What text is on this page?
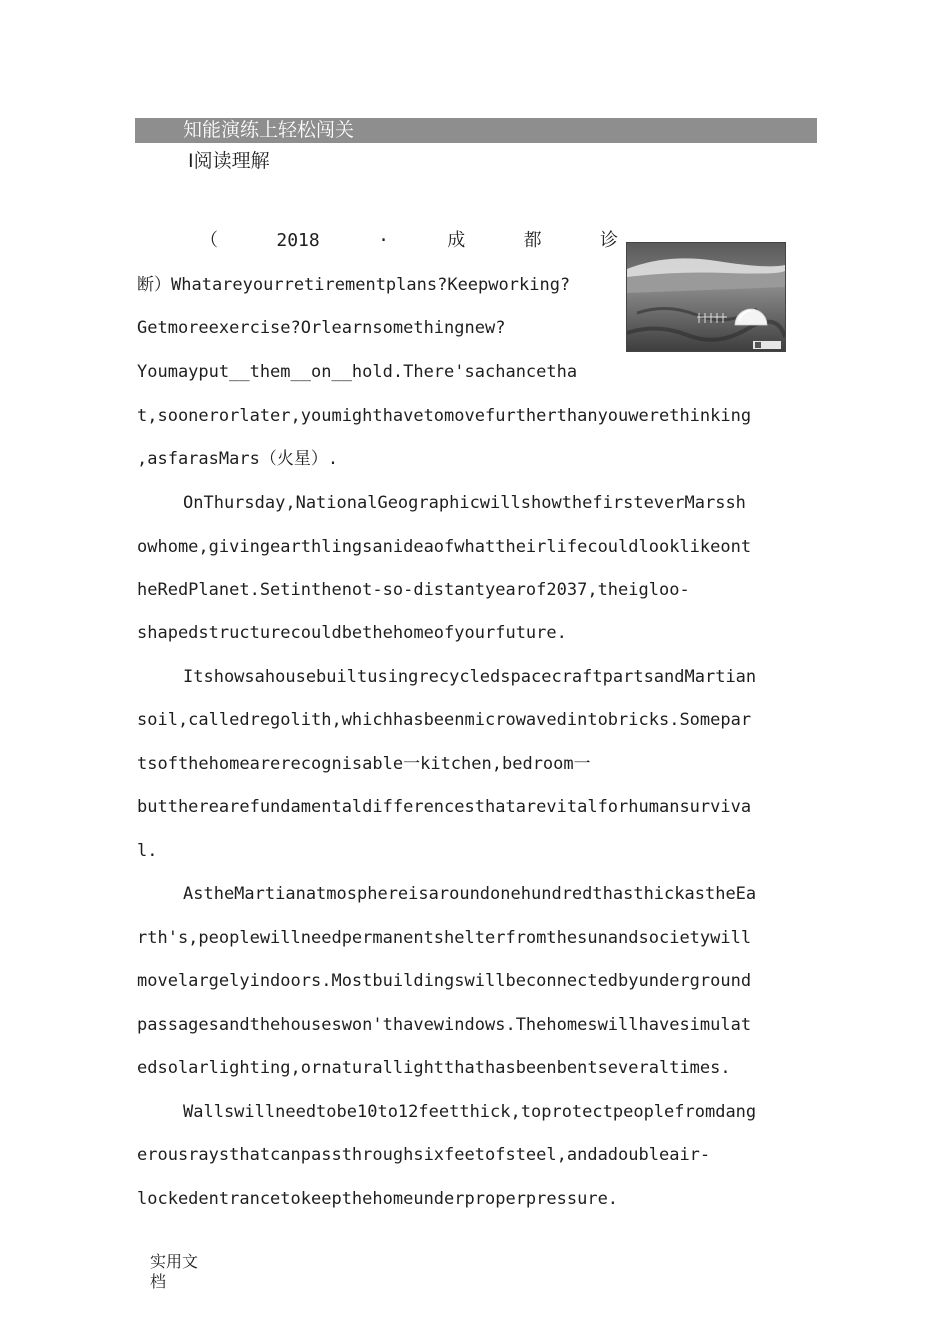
知能演练上轻松闯关
Ⅰ阅读理解
（	2018	·	成	都	诊
断）Whatareyourretirementplans?Keepworking?
Getmoreexercise?Orlearnsomethingnew?
Youmayput__them__on__hold.There'sachancetha
t,soonerorlater,youmighthavetomovefurtherthanyouwerethinking
,asfarasMars（火星）.
OnThursday,NationalGeographicwillshowthefirsteverMarssh
owhome,givingearthlingsanideaofwhattheirlifecouldlooklikeont
heRedPlanet.Setinthenot-so-distantyearof2037,theigloo-
shapedstructurecouldbethehomeofyourfuture.
ItshowsahousebuiltusingrecycledspacecraftpartsandMartian
soil,calledregolith,whichhasbeenmicrowavedintobricks.Somepar
tsofthehomearerecognisable一kitchen,bedroom一
buttherearefundamentaldifferencesthatarevitalforhumansurviva
l.
AstheMartianatmosphereisaroundonehundredthasthickastheEa
rth's,peoplewillneedpermanentshelterfromthesunandsocietywill
movelargelyindoors.Mostbuildingswillbeconnectedbyunderground
passagesandthehouseswon'thavewindows.Thehomeswillhavesimulat
edsolarlighting,ornaturallightthathasbeenbentseveraltimes.
Wallswillneedtobe10to12feetthick,toprotectpeoplefromdang
erousraysthatcanpassthroughsixfeetofsteel,andadoubleair-
lockedentrancetokeepthehomeunderproperpressure.
实用文档
